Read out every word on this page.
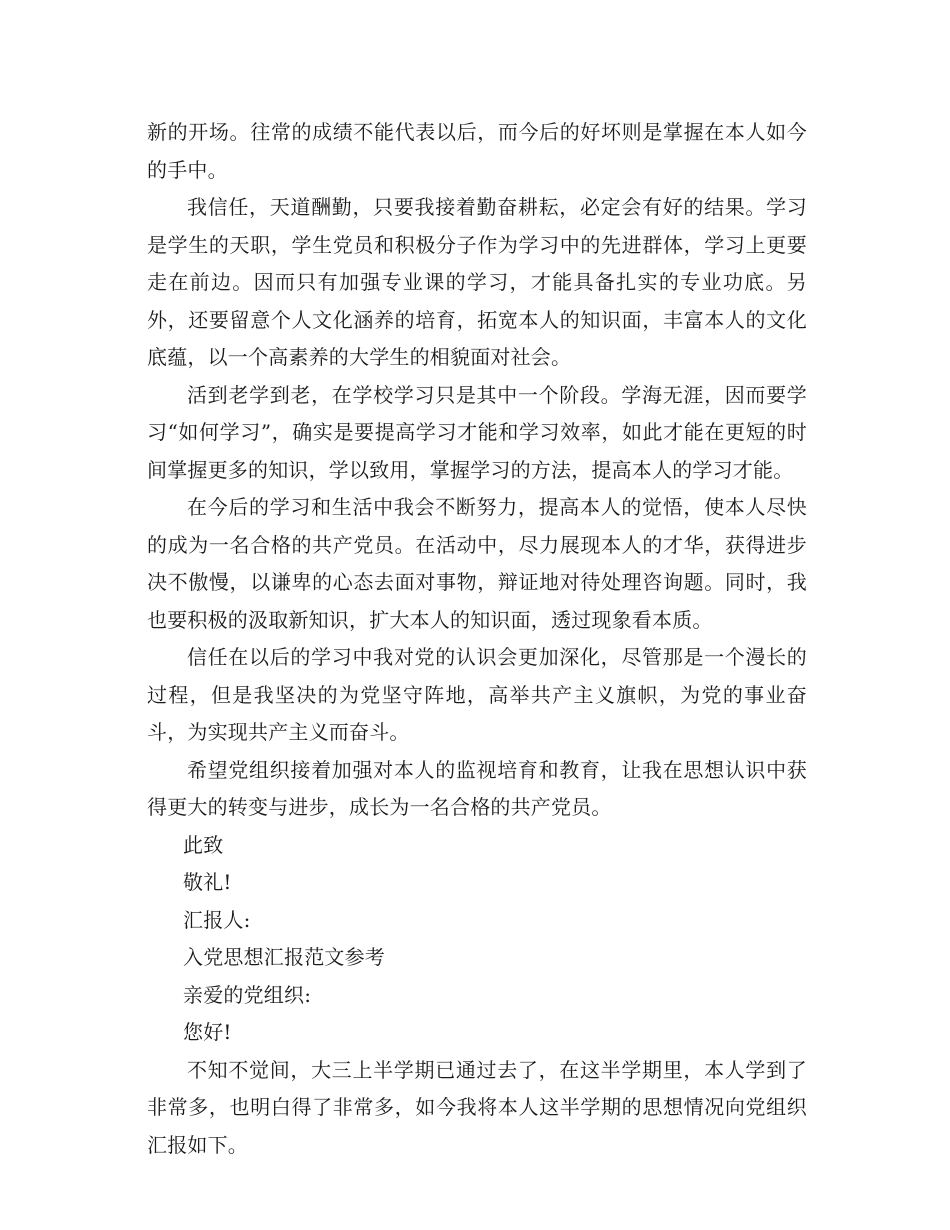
新的开场。往常的成绩不能代表以后，而今后的好坏则是掌握在本人如今的手中。

我信任，天道酬勤，只要我接着勤奋耕耘，必定会有好的结果。学习是学生的天职，学生党员和积极分子作为学习中的先进群体，学习上更要走在前边。因而只有加强专业课的学习，才能具备扎实的专业功底。另外，还要留意个人文化涵养的培育，拓宽本人的知识面，丰富本人的文化底蕴，以一个高素养的大学生的相貌面对社会。

活到老学到老，在学校学习只是其中一个阶段。学海无涯，因而要学习“如何学习”，确实是要提高学习才能和学习效率，如此才能在更短的时间掌握更多的知识，学以致用，掌握学习的方法，提高本人的学习才能。

在今后的学习和生活中我会不断努力，提高本人的觉悟，使本人尽快的成为一名合格的共产党员。在活动中，尽力展现本人的才华，获得进步决不傲慢，以谦卑的心态去面对事物，辩证地对待处理咨询题。同时，我也要积极的汲取新知识，扩大本人的知识面，透过现象看本质。

信任在以后的学习中我对党的认识会更加深化，尽管那是一个漫长的过程，但是我坚决的为党坚守阵地，高举共产主义旗帜，为党的事业奋斗，为实现共产主义而奋斗。

希望党组织接着加强对本人的监视培育和教育，让我在思想认识中获得更大的转变与进步，成长为一名合格的共产党员。

此致

敬礼!

汇报人:

入党思想汇报范文参考

亲爱的党组织:

您好!

不知不觉间，大三上半学期已通过去了，在这半学期里，本人学到了非常多，也明白得了非常多，如今我将本人这半学期的思想情况向党组织汇报如下。
